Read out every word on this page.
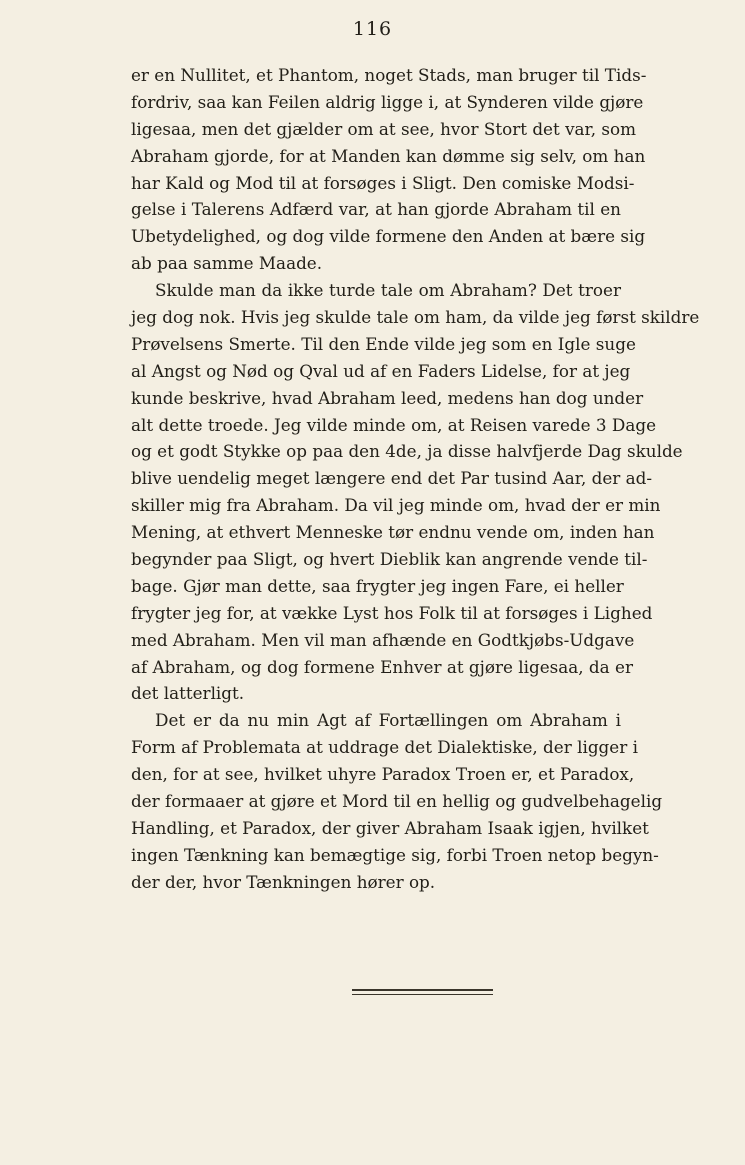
116
er en Nullitet, et Phantom, noget Stads, man bruger til Tids-
fordriv, saa kan Feilen aldrig ligge i, at Synderen vilde gjøre
ligesaa, men det gjælder om at see, hvor Stort det var, som
Abraham gjorde, for at Manden kan dømme sig selv, om han
har Kald og Mod til at forsøges i Sligt. Den comiske Modsi-
gelse i Talerens Adfærd var, at han gjorde Abraham til en
Ubetydelighed, og dog vilde formene den Anden at bære sig
ab paa samme Maade.
Skulde man da ikke turde tale om Abraham? Det troer
jeg dog nok. Hvis jeg skulde tale om ham, da vilde jeg først skildre
Prøvelsens Smerte. Til den Ende vilde jeg som en Igle suge
al Angst og Nød og Qval ud af en Faders Lidelse, for at jeg
kunde beskrive, hvad Abraham leed, medens han dog under
alt dette troede. Jeg vilde minde om, at Reisen varede 3 Dage
og et godt Stykke op paa den 4de, ja disse halvfjerde Dag skulde
blive uendelig meget længere end det Par tusind Aar, der ad-
skiller mig fra Abraham. Da vil jeg minde om, hvad der er min
Mening, at ethvert Menneske tør endnu vende om, inden han
begynder paa Sligt, og hvert Dieblik kan angrende vende til-
bage. Gjør man dette, saa frygter jeg ingen Fare, ei heller
frygter jeg for, at vække Lyst hos Folk til at forsøges i Lighed
med Abraham. Men vil man afhænde en Godtkjøbs-Udgave
af Abraham, og dog formene Enhver at gjøre ligesaa, da er
det latterligt.
Det er da nu min Agt af Fortællingen om Abraham i
Form af Problemata at uddrage det Dialektiske, der ligger i
den, for at see, hvilket uhyre Paradox Troen er, et Paradox,
der formaaer at gjøre et Mord til en hellig og gudvelbehagelig
Handling, et Paradox, der giver Abraham Isaak igjen, hvilket
ingen Tænkning kan bemægtige sig, forbi Troen netop begyn-
der der, hvor Tænkningen hører op.
